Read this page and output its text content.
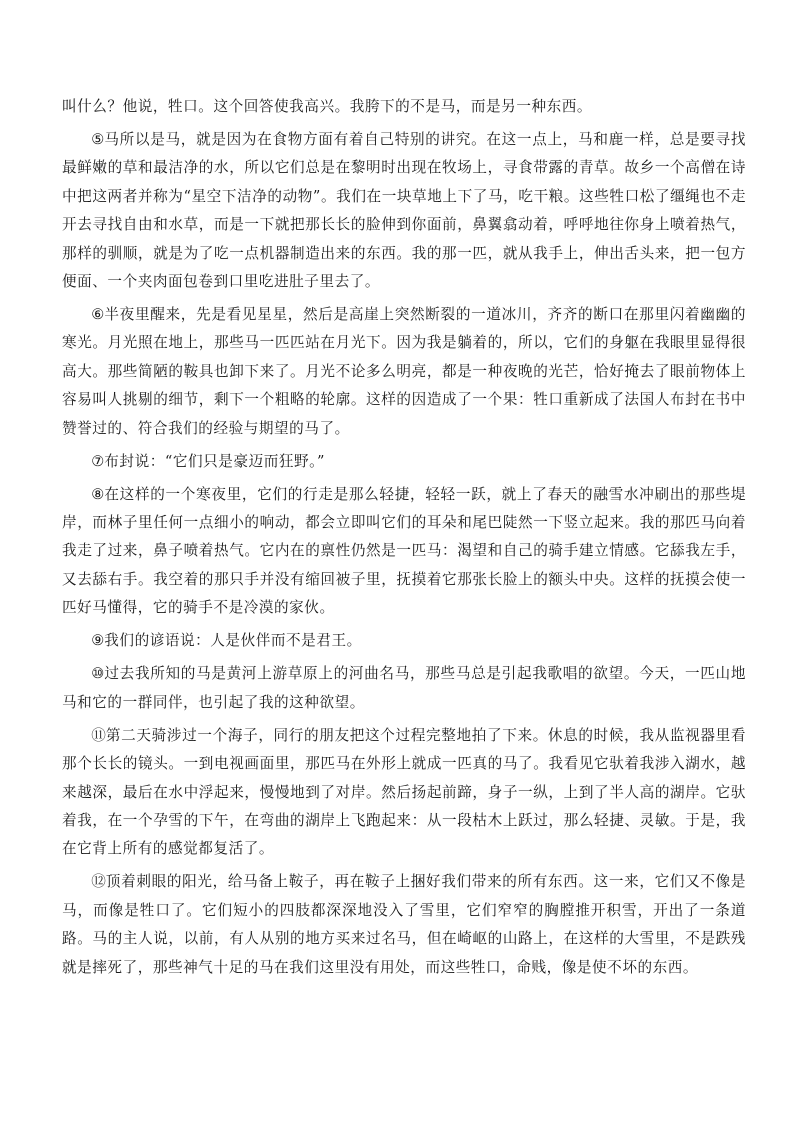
叫什么？他说，牲口。这个回答使我高兴。我胯下的不是马，而是另一种东西。

⑤马所以是马，就是因为在食物方面有着自己特别的讲究。在这一点上，马和鹿一样，总是要寻找最鲜嫩的草和最洁净的水，所以它们总是在黎明时出现在牧场上，寻食带露的青草。故乡一个高僧在诗中把这两者并称为“星空下洁净的动物”。我们在一块草地上下了马，吃干粮。这些牲口松了缰绳也不走开去寻找自由和水草，而是一下就把那长长的脸伸到你面前，鼻翼翕动着，呼呼地往你身上喷着热气，那样的驯顺，就是为了吃一点机器制造出来的东西。我的那一匹，就从我手上，伸出舌头来，把一包方便面、一个夹肉面包卷到口里吃进肚子里去了。

⑥半夜里醒来，先是看见星星，然后是高崖上突然断裂的一道冰川，齐齐的断口在那里闪着幽幽的寒光。月光照在地上，那些马一匹匹站在月光下。因为我是躺着的，所以，它们的身躯在我眼里显得很高大。那些简陋的鞍具也卸下来了。月光不论多么明亮，都是一种夜晚的光芒，恰好掩去了眼前物体上容易叫人挑剔的细节，剩下一个粗略的轮廓。这样的因造成了一个果：牲口重新成了法国人布封在书中赞誉过的、符合我们的经验与期望的马了。

⑦布封说：“它们只是豪迈而狂野。”

⑧在这样的一个寒夜里，它们的行走是那么轻捷，轻轻一跃，就上了春天的融雪水冲刷出的那些堤岸，而林子里任何一点细小的响动，都会立即叫它们的耳朵和尾巴陡然一下竖立起来。我的那匹马向着我走了过来，鼻子喷着热气。它内在的禀性仍然是一匹马：渴望和自己的骑手建立情感。它舔我左手，又去舔右手。我空着的那只手并没有缩回被子里，抚摸着它那张长脸上的额头中央。这样的抚摸会使一匹好马懂得，它的骑手不是冷漠的家伙。

⑨我们的谚语说：人是伙伴而不是君王。

⑩过去我所知的马是黄河上游草原上的河曲名马，那些马总是引起我歌唱的欲望。今天，一匹山地马和它的一群同伴，也引起了我的这种欲望。

⑪第二天骑涉过一个海子，同行的朋友把这个过程完整地拍了下来。休息的时候，我从监视器里看那个长长的镜头。一到电视画面里，那匹马在外形上就成一匹真的马了。我看见它驮着我涉入湖水，越来越深，最后在水中浮起来，慢慢地到了对岸。然后扬起前蹄，身子一纵，上到了半人高的湖岸。它驮着我，在一个孕雪的下午，在弯曲的湖岸上飞跑起来：从一段枯木上跃过，那么轻捷、灵敏。于是，我在它背上所有的感觉都复活了。

⑫顶着刺眼的阳光，给马备上鞍子，再在鞍子上捆好我们带来的所有东西。这一来，它们又不像是马，而像是牲口了。它们短小的四肢都深深地没入了雪里，它们窄窄的胸膛推开积雪，开出了一条道路。马的主人说，以前，有人从别的地方买来过名马，但在崎岖的山路上，在这样的大雪里，不是跌残就是摔死了，那些神气十足的马在我们这里没有用处，而这些牲口，命贱，像是使不坏的东西。
